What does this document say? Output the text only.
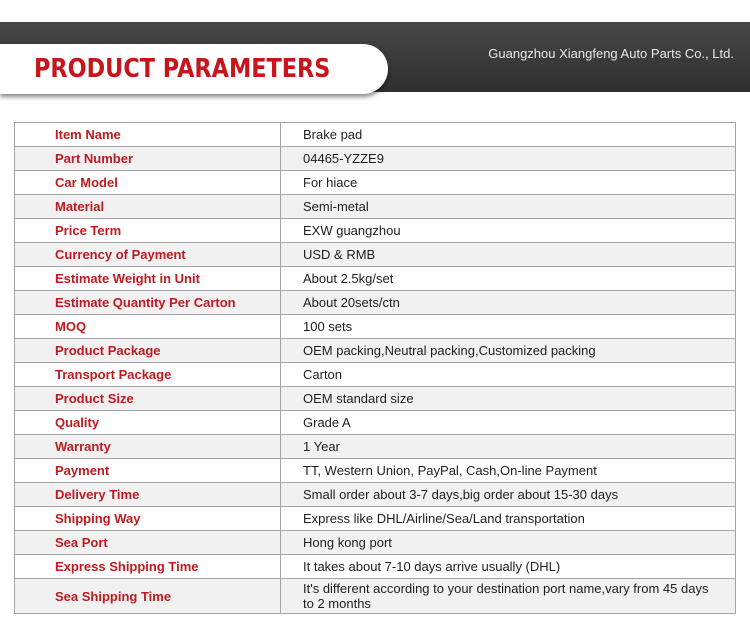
PRODUCT PARAMETERS
Guangzhou Xiangfeng Auto Parts Co., Ltd.
Item Name	Brake pad
Part Number	04465-YZZE9
Car Model	For hiace
Material	Semi-metal
Price Term	EXW guangzhou
Currency of Payment	USD & RMB
Estimate Weight in Unit	About 2.5kg/set
Estimate Quantity Per Carton	About 20sets/ctn
MOQ	100 sets
Product Package	OEM packing,Neutral packing,Customized packing
Transport Package	Carton
Product Size	OEM standard size
Quality	Grade A
Warranty	1 Year
Payment	TT, Western Union, PayPal, Cash,On-line Payment
Delivery Time	Small order about 3-7 days,big order about 15-30 days
Shipping Way	Express like DHL/Airline/Sea/Land transportation
Sea Port	Hong kong port
Express Shipping Time	It takes about 7-10 days arrive usually (DHL)
Sea Shipping Time	It's different according to your destination port name,vary from 45 days to 2 months
